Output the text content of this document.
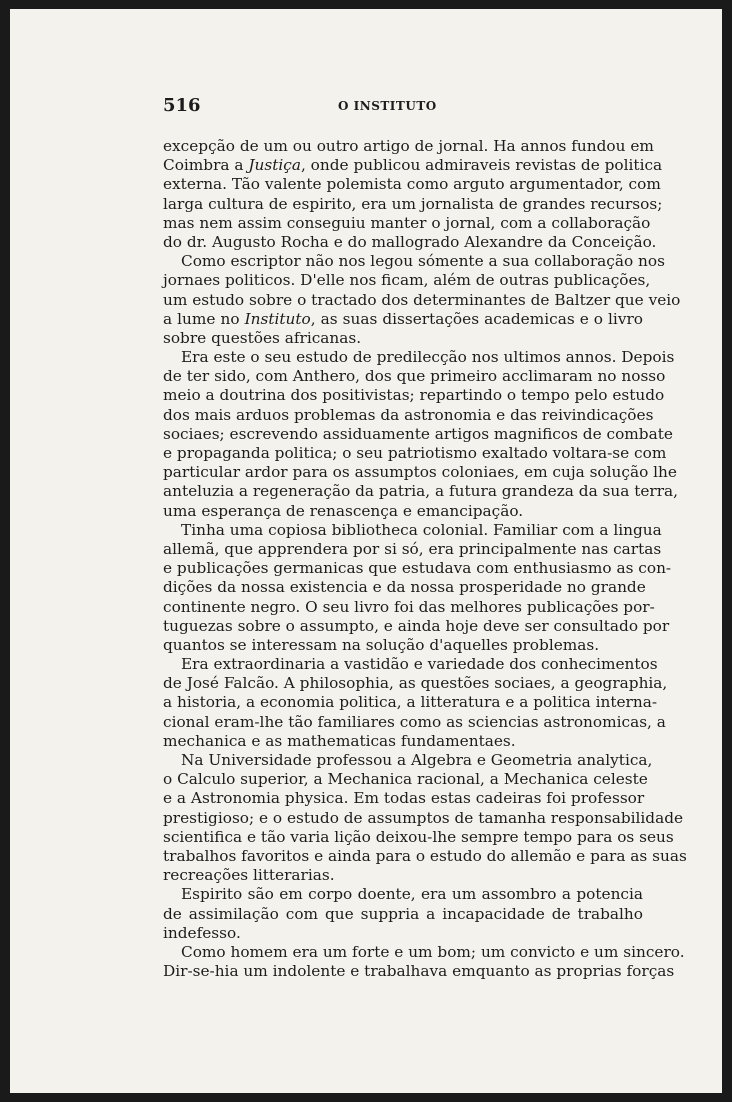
516	O INSTITUTO
excepção de um ou outro artigo de jornal. Ha annos fundou em
Coimbra a Justiça, onde publicou admiraveis revistas de politica
externa. Tão valente polemista como arguto argumentador, com
larga cultura de espirito, era um jornalista de grandes recursos;
mas nem assim conseguiu manter o jornal, com a collaboração
do dr. Augusto Rocha e do mallogrado Alexandre da Conceição.
Como escriptor não nos legou sómente a sua collaboração nos
jornaes politicos. D'elle nos ficam, além de outras publicações,
um estudo sobre o tractado dos determinantes de Baltzer que veio
a lume no Instituto, as suas dissertações academicas e o livro
sobre questões africanas.
Era este o seu estudo de predilecção nos ultimos annos. Depois
de ter sido, com Anthero, dos que primeiro acclimaram no nosso
meio a doutrina dos positivistas; repartindo o tempo pelo estudo
dos mais arduos problemas da astronomia e das reivindicações
sociaes; escrevendo assiduamente artigos magnificos de combate
e propaganda politica; o seu patriotismo exaltado voltara-se com
particular ardor para os assumptos coloniaes, em cuja solução lhe
anteluzia a regeneração da patria, a futura grandeza da sua terra,
uma esperança de renascença e emancipação.
Tinha uma copiosa bibliotheca colonial. Familiar com a lingua
allemã, que apprendera por si só, era principalmente nas cartas
e publicações germanicas que estudava com enthusiasmo as con-
dições da nossa existencia e da nossa prosperidade no grande
continente negro. O seu livro foi das melhores publicações por-
tuguezas sobre o assumpto, e ainda hoje deve ser consultado por
quantos se interessam na solução d'aquelles problemas.
Era extraordinaria a vastidão e variedade dos conhecimentos
de José Falcão. A philosophia, as questões sociaes, a geographia,
a historia, a economia politica, a litteratura e a politica interna-
cional eram-lhe tão familiares como as sciencias astronomicas, a
mechanica e as mathematicas fundamentaes.
Na Universidade professou a Algebra e Geometria analytica,
o Calculo superior, a Mechanica racional, a Mechanica celeste
e a Astronomia physica. Em todas estas cadeiras foi professor
prestigioso; e o estudo de assumptos de tamanha responsabilidade
scientifica e tão varia lição deixou-lhe sempre tempo para os seus
trabalhos favoritos e ainda para o estudo do allemão e para as suas
recreações litterarias.
Espirito são em corpo doente, era um assombro a potencia
de assimilação com que suppria a incapacidade de trabalho
indefesso.
Como homem era um forte e um bom; um convicto e um sincero.
Dir-se-hia um indolente e trabalhava emquanto as proprias forças
